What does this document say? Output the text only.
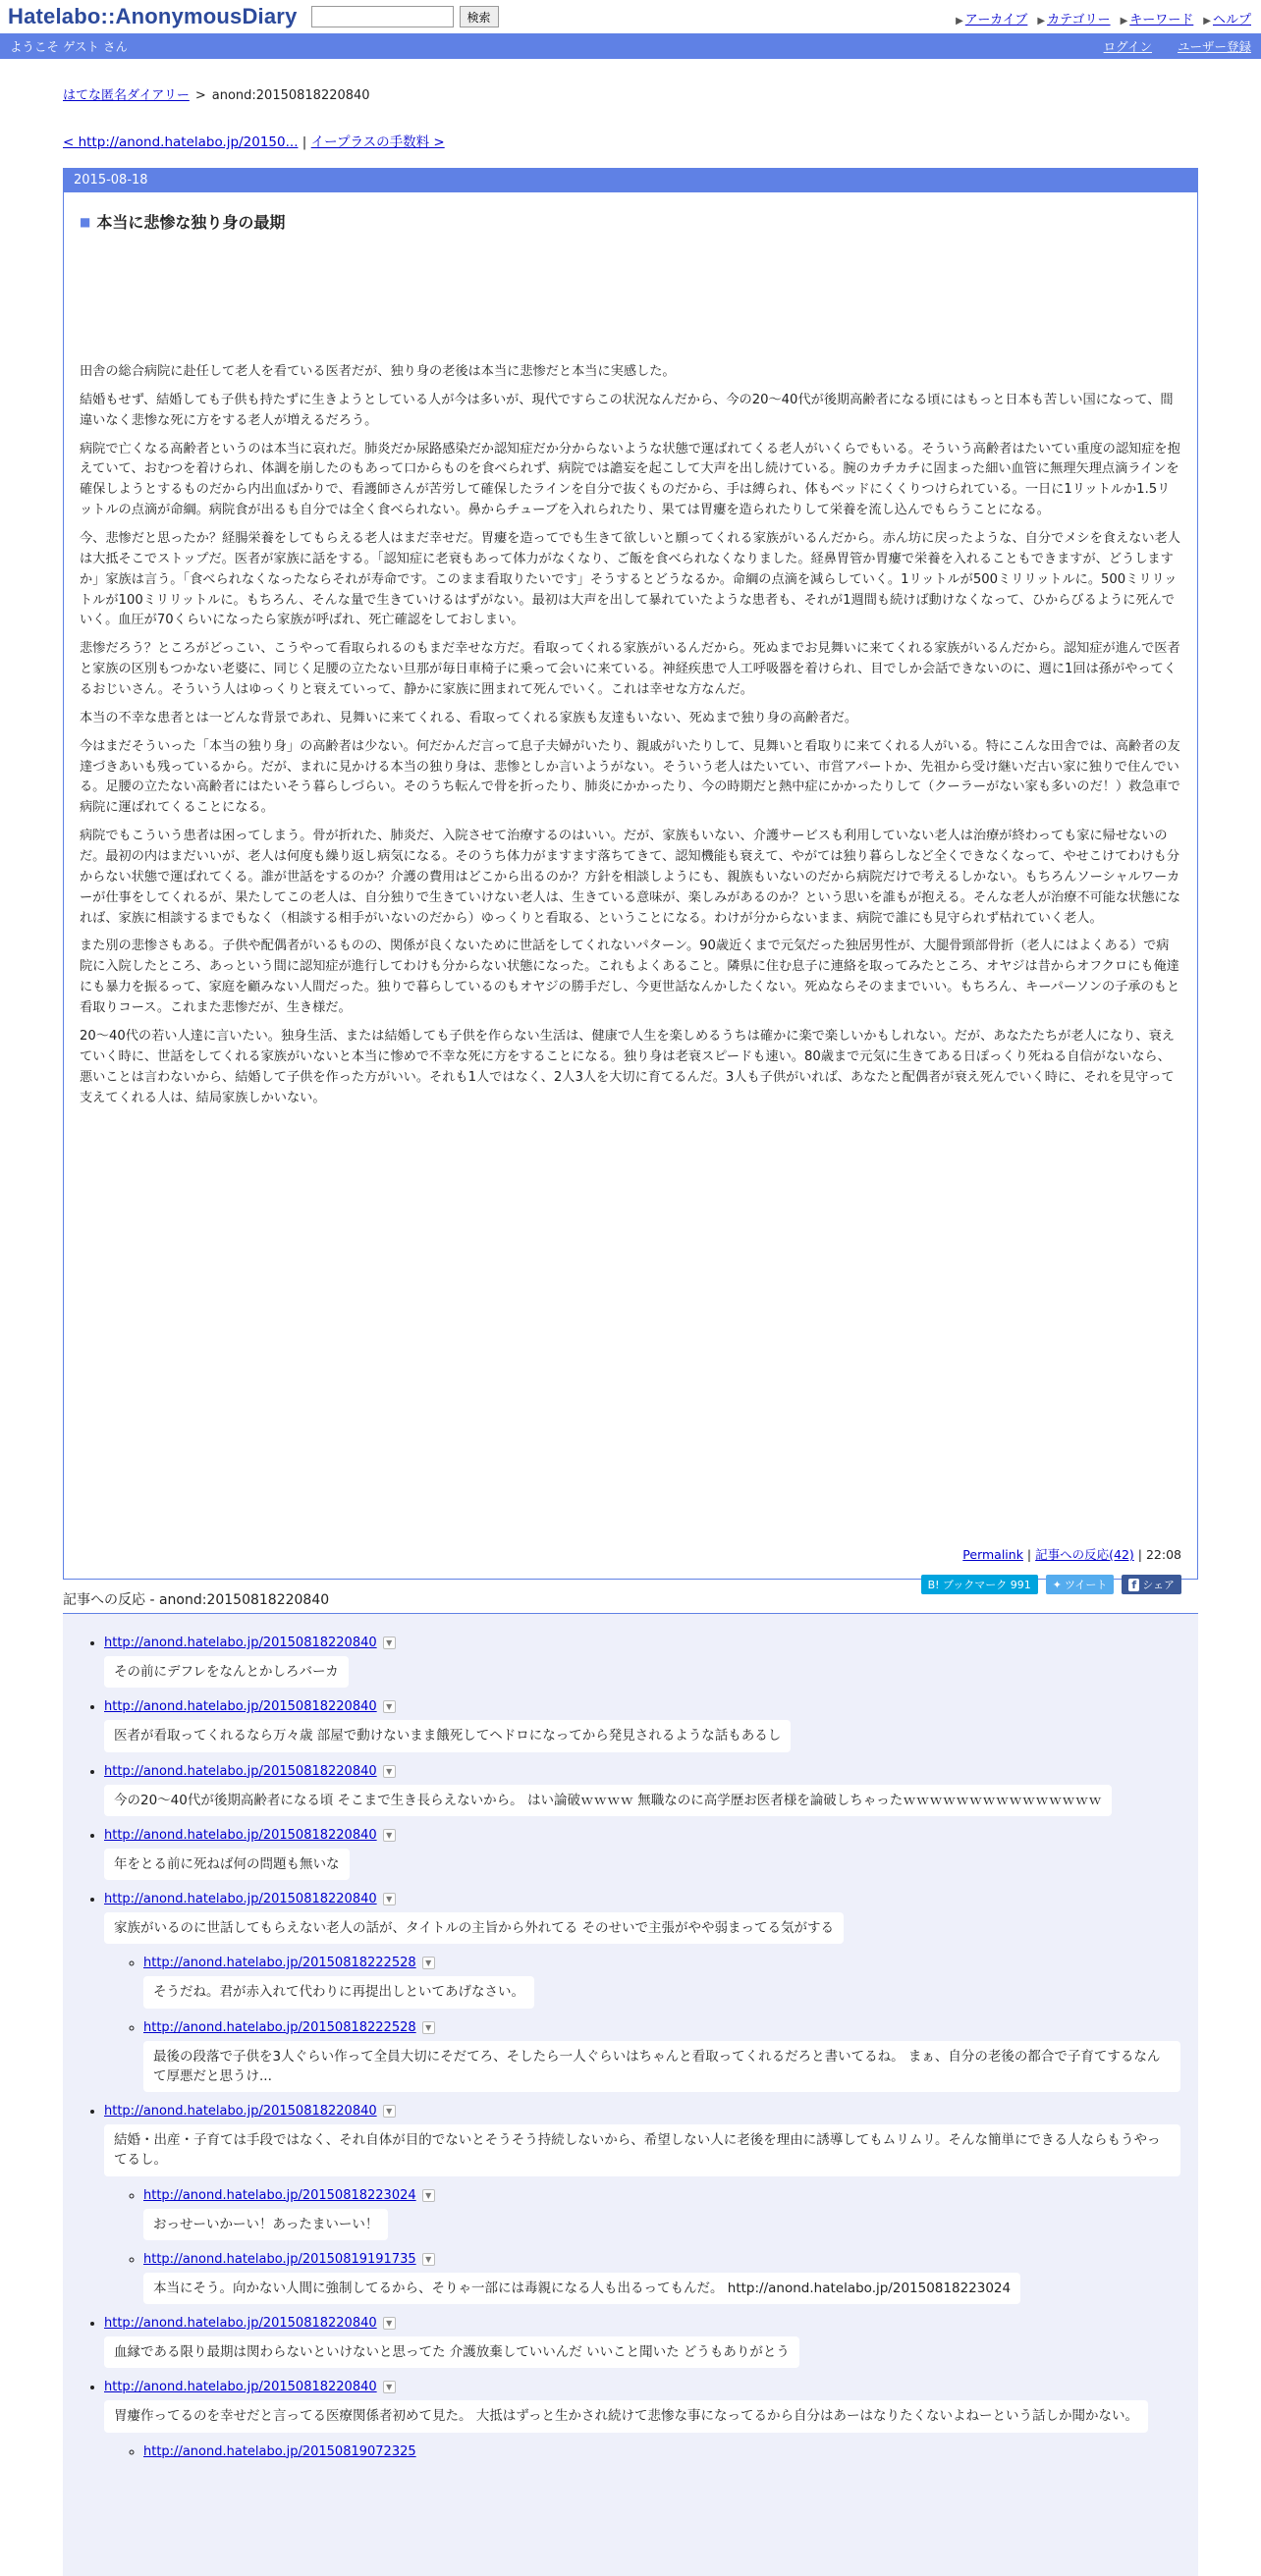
Hatelabo::AnonymousDiary	検索	▶ アーカイブ ▶ カテゴリー ▶ キーワード ▶ ヘルプ
ようこそ ゲスト さん	ログイン ユーザー登録
はてな匿名ダイアリー > anond:20150818220840
< http://anond.hatelabo.jp/20150... | イープラスの手数料 >
2015-08-18
■ 本当に悲惨な独り身の最期

田舎の総合病院に赴任して老人を看ている医者だが、独り身の老後は本当に悲惨だと本当に実感した。

結婚もせず、結婚しても子供も持たずに生きようとしている人が今は多いが、現代ですらこの状況なんだから、今の20〜40代が後期高齢者になる頃にはもっと日本も苦しい国になって、間違いなく悲惨な死に方をする老人が増えるだろう。

病院で亡くなる高齢者というのは本当に哀れだ。肺炎だか尿路感染だか認知症だか分からないような状態で運ばれてくる老人がいくらでもいる。そういう高齢者はたいてい重度の認知症を抱えていて、おむつを着けられ、体調を崩したのもあって口からものを食べられず、病院では譫妄を起こして大声を出し続けている。腕のカチカチに固まった細い血管に無理矢理点滴ラインを確保しようとするものだから内出血ばかりで、看護師さんが苦労して確保したラインを自分で抜くものだから、手は縛られ、体もベッドにくくりつけられている。一日に1リットルか1.5リットルの点滴が命綱。病院食が出るも自分では全く食べられない。鼻からチューブを入れられたり、果ては胃瘻を造られたりして栄養を流し込んでもらうことになる。

今、悲惨だと思ったか？経腸栄養をしてもらえる老人はまだ幸せだ。胃瘻を造ってでも生きて欲しいと願ってくれる家族がいるんだから。赤ん坊に戻ったような、自分でメシを食えない老人は大抵そこでストップだ。医者が家族に話をする。「認知症に老衰もあって体力がなくなり、ご飯を食べられなくなりました。経鼻胃管か胃瘻で栄養を入れることもできますが、どうしますか」家族は言う。「食べられなくなったならそれが寿命です。このまま看取りたいです」そうするとどうなるか。命綱の点滴を減らしていく。1リットルが500ミリリットルに。500ミリリットルが100ミリリットルに。もちろん、そんな量で生きていけるはずがない。最初は大声を出して暴れていたような患者も、それが1週間も続けば動けなくなって、ひからびるように死んでいく。血圧が70くらいになったら家族が呼ばれ、死亡確認をしておしまい。

悲惨だろう？ところがどっこい、こうやって看取られるのもまだ幸せな方だ。看取ってくれる家族がいるんだから。死ぬまでお見舞いに来てくれる家族がいるんだから。認知症が進んで医者と家族の区別もつかない老婆に、同じく足腰の立たない旦那が毎日車椅子に乗って会いに来ている。神経疾患で人工呼吸器を着けられ、目でしか会話できないのに、週に1回は孫がやってくるおじいさん。そういう人はゆっくりと衰えていって、静かに家族に囲まれて死んでいく。これは幸せな方なんだ。

本当の不幸な患者とは一どんな背景であれ、見舞いに来てくれる、看取ってくれる家族も友達もいない、死ぬまで独り身の高齢者だ。

今はまだそういった「本当の独り身」の高齢者は少ない。何だかんだ言って息子夫婦がいたり、親戚がいたりして、見舞いと看取りに来てくれる人がいる。特にこんな田舎では、高齢者の友達づきあいも残っているから。だが、まれに見かける本当の独り身は、悲惨としか言いようがない。そういう老人はたいてい、市営アパートか、先祖から受け継いだ古い家に独りで住んでいる。足腰の立たない高齢者にはたいそう暮らしづらい。そのうち転んで骨を折ったり、肺炎にかかったり、今の時期だと熱中症にかかったりして（クーラーがない家も多いのだ！）救急車で病院に運ばれてくることになる。

病院でもこういう患者は困ってしまう。骨が折れた、肺炎だ、入院させて治療するのはいい。だが、家族もいない、介護サービスも利用していない老人は治療が終わっても家に帰せないのだ。最初の内はまだいいが、老人は何度も繰り返し病気になる。そのうち体力がますます落ちてきて、認知機能も衰えて、やがては独り暮らしなど全くできなくなって、やせこけてわけも分からない状態で運ばれてくる。誰が世話をするのか？介護の費用はどこから出るのか？方針を相談しようにも、親族もいないのだから病院だけで考えるしかない。もちろんソーシャルワーカーが仕事をしてくれるが、果たしてこの老人は、自分独りで生きていけない老人は、生きている意味が、楽しみがあるのか？という思いを誰もが抱える。そんな老人が治療不可能な状態になれば、家族に相談するまでもなく（相談する相手がいないのだから）ゆっくりと看取る、ということになる。わけが分からないまま、病院で誰にも見守られず枯れていく老人。

また別の悲惨さもある。子供や配偶者がいるものの、関係が良くないために世話をしてくれないパターン。90歳近くまで元気だった独居男性が、大腿骨頸部骨折（老人にはよくある）で病院に入院したところ、あっという間に認知症が進行してわけも分からない状態になった。これもよくあること。隣県に住む息子に連絡を取ってみたところ、オヤジは昔からオフクロにも俺達にも暴力を振るって、家庭を顧みない人間だった。独りで暮らしているのもオヤジの勝手だし、今更世話なんかしたくない。死ぬならそのままでいい。もちろん、キーパーソンの子承のもと看取りコース。これまた悲惨だが、生き様だ。

20〜40代の若い人達に言いたい。独身生活、または結婚しても子供を作らない生活は、健康で人生を楽しめるうちは確かに楽で楽しいかもしれない。だが、あなたたちが老人になり、衰えていく時に、世話をしてくれる家族がいないと本当に惨めで不幸な死に方をすることになる。独り身は老衰スピードも速い。80歳まで元気に生きてある日ぽっくり死ねる自信がないなら、悪いことは言わないから、結婚して子供を作った方がいい。それも1人ではなく、2人3人を大切に育てるんだ。3人も子供がいれば、あなたと配偶者が衰え死んでいく時に、それを見守って支えてくれる人は、結局家族しかいない。

Permalink | 記事への反応(42) | 22:08
B! ブックマーク 991	✦ ツイート	f シェア
記事への反応 - anond:20150818220840
• http://anond.hatelabo.jp/20150818220840 ▼
その前にデフレをなんとかしろバーカ
• http://anond.hatelabo.jp/20150818220840 ▼
医者が看取ってくれるなら万々歳 部屋で動けないまま餓死してヘドロになってから発見されるような話もあるし
• http://anond.hatelabo.jp/20150818220840 ▼
今の20〜40代が後期高齢者になる頃 そこまで生き長らえないから。 はい論破ｗｗｗｗ 無職なのに高学歴お医者様を論破しちゃったｗｗｗｗｗｗｗｗｗｗｗｗｗｗｗ
• http://anond.hatelabo.jp/20150818220840 ▼
年をとる前に死ねば何の問題も無いな
• http://anond.hatelabo.jp/20150818220840 ▼
家族がいるのに世話してもらえない老人の話が、タイトルの主旨から外れてる そのせいで主張がやや弱まってる気がする
◦ http://anond.hatelabo.jp/20150818222528 ▼
そうだね。君が赤入れて代わりに再提出しといてあげなさい。
◦ http://anond.hatelabo.jp/20150818222528 ▼
最後の段落で子供を3人ぐらい作って全員大切にそだてろ、そしたら一人ぐらいはちゃんと看取ってくれるだろと書いてるね。 まぁ、自分の老後の都合で子育てするなんて厚悪だと思うけ...
• http://anond.hatelabo.jp/20150818220840 ▼
結婚・出産・子育ては手段ではなく、それ自体が目的でないとそうそう持続しないから、希望しない人に老後を理由に誘導してもムリムリ。そんな簡単にできる人ならもうやってるし。
◦ http://anond.hatelabo.jp/20150818223024 ▼
おっせーいかーい！あったまいーい！
◦ http://anond.hatelabo.jp/20150819191735 ▼
本当にそう。向かない人間に強制してるから、そりゃ一部には毒親になる人も出るってもんだ。 http://anond.hatelabo.jp/20150818223024
• http://anond.hatelabo.jp/20150818220840 ▼
血縁である限り最期は関わらないといけないと思ってた 介護放棄していいんだ いいこと聞いた どうもありがとう
• http://anond.hatelabo.jp/20150818220840 ▼
胃瘻作ってるのを幸せだと言ってる医療関係者初めて見た。 大抵はずっと生かされ続けて悲惨な事になってるから自分はあーはなりたくないよねーという話しか聞かない。
◦ http://anond.hatelabo.jp/20150819072325
